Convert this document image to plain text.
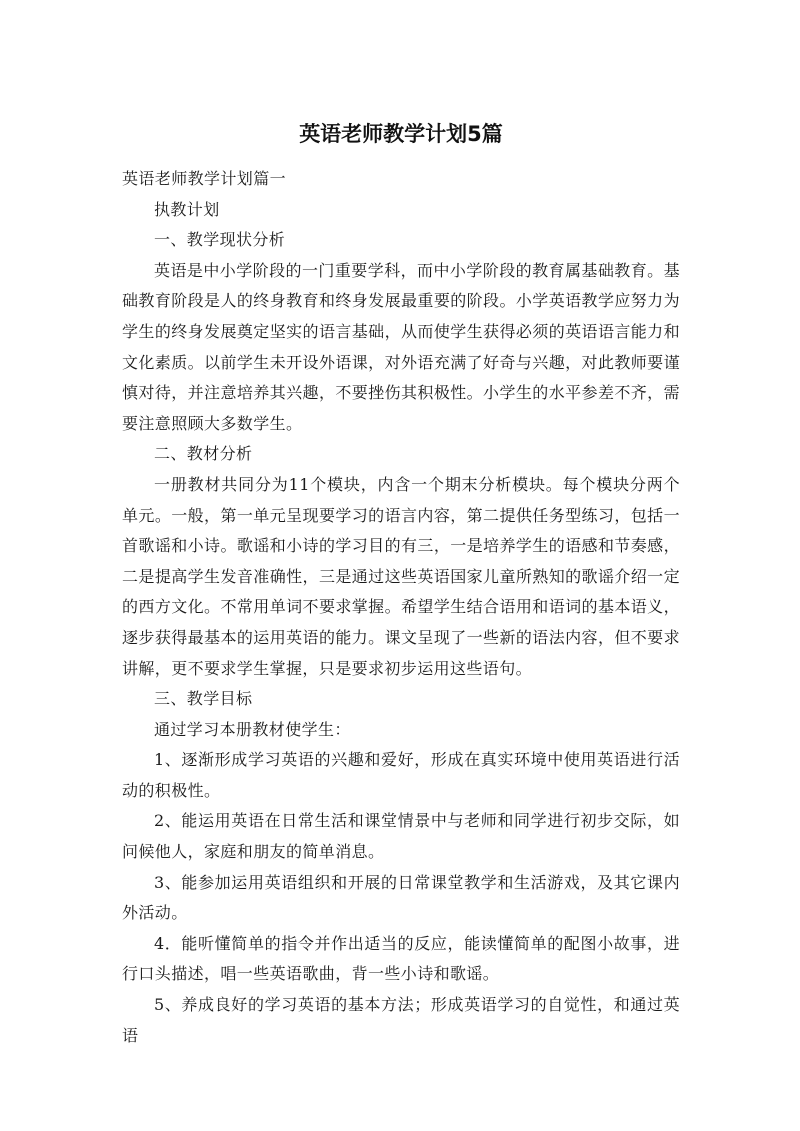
英语老师教学计划5篇

英语老师教学计划篇一

执教计划

一、教学现状分析

英语是中小学阶段的一门重要学科，而中小学阶段的教育属基础教育。基础教育阶段是人的终身教育和终身发展最重要的阶段。小学英语教学应努力为学生的终身发展奠定坚实的语言基础，从而使学生获得必须的英语语言能力和文化素质。以前学生未开设外语课，对外语充满了好奇与兴趣，对此教师要谨慎对待，并注意培养其兴趣，不要挫伤其积极性。小学生的水平参差不齐，需要注意照顾大多数学生。

二、教材分析

一册教材共同分为11个模块，内含一个期末分析模块。每个模块分两个单元。一般，第一单元呈现要学习的语言内容，第二提供任务型练习，包括一首歌谣和小诗。歌谣和小诗的学习目的有三，一是培养学生的语感和节奏感，二是提高学生发音准确性，三是通过这些英语国家儿童所熟知的歌谣介绍一定的西方文化。不常用单词不要求掌握。希望学生结合语用和语词的基本语义，逐步获得最基本的运用英语的能力。课文呈现了一些新的语法内容，但不要求讲解，更不要求学生掌握，只是要求初步运用这些语句。

三、教学目标

通过学习本册教材使学生：

1、逐渐形成学习英语的兴趣和爱好，形成在真实环境中使用英语进行活动的积极性。

2、能运用英语在日常生活和课堂情景中与老师和同学进行初步交际，如问候他人，家庭和朋友的简单消息。

3、能参加运用英语组织和开展的日常课堂教学和生活游戏，及其它课内外活动。

4．能听懂简单的指令并作出适当的反应，能读懂简单的配图小故事，进行口头描述，唱一些英语歌曲，背一些小诗和歌谣。

5、养成良好的学习英语的基本方法；形成英语学习的自觉性，和通过英语
